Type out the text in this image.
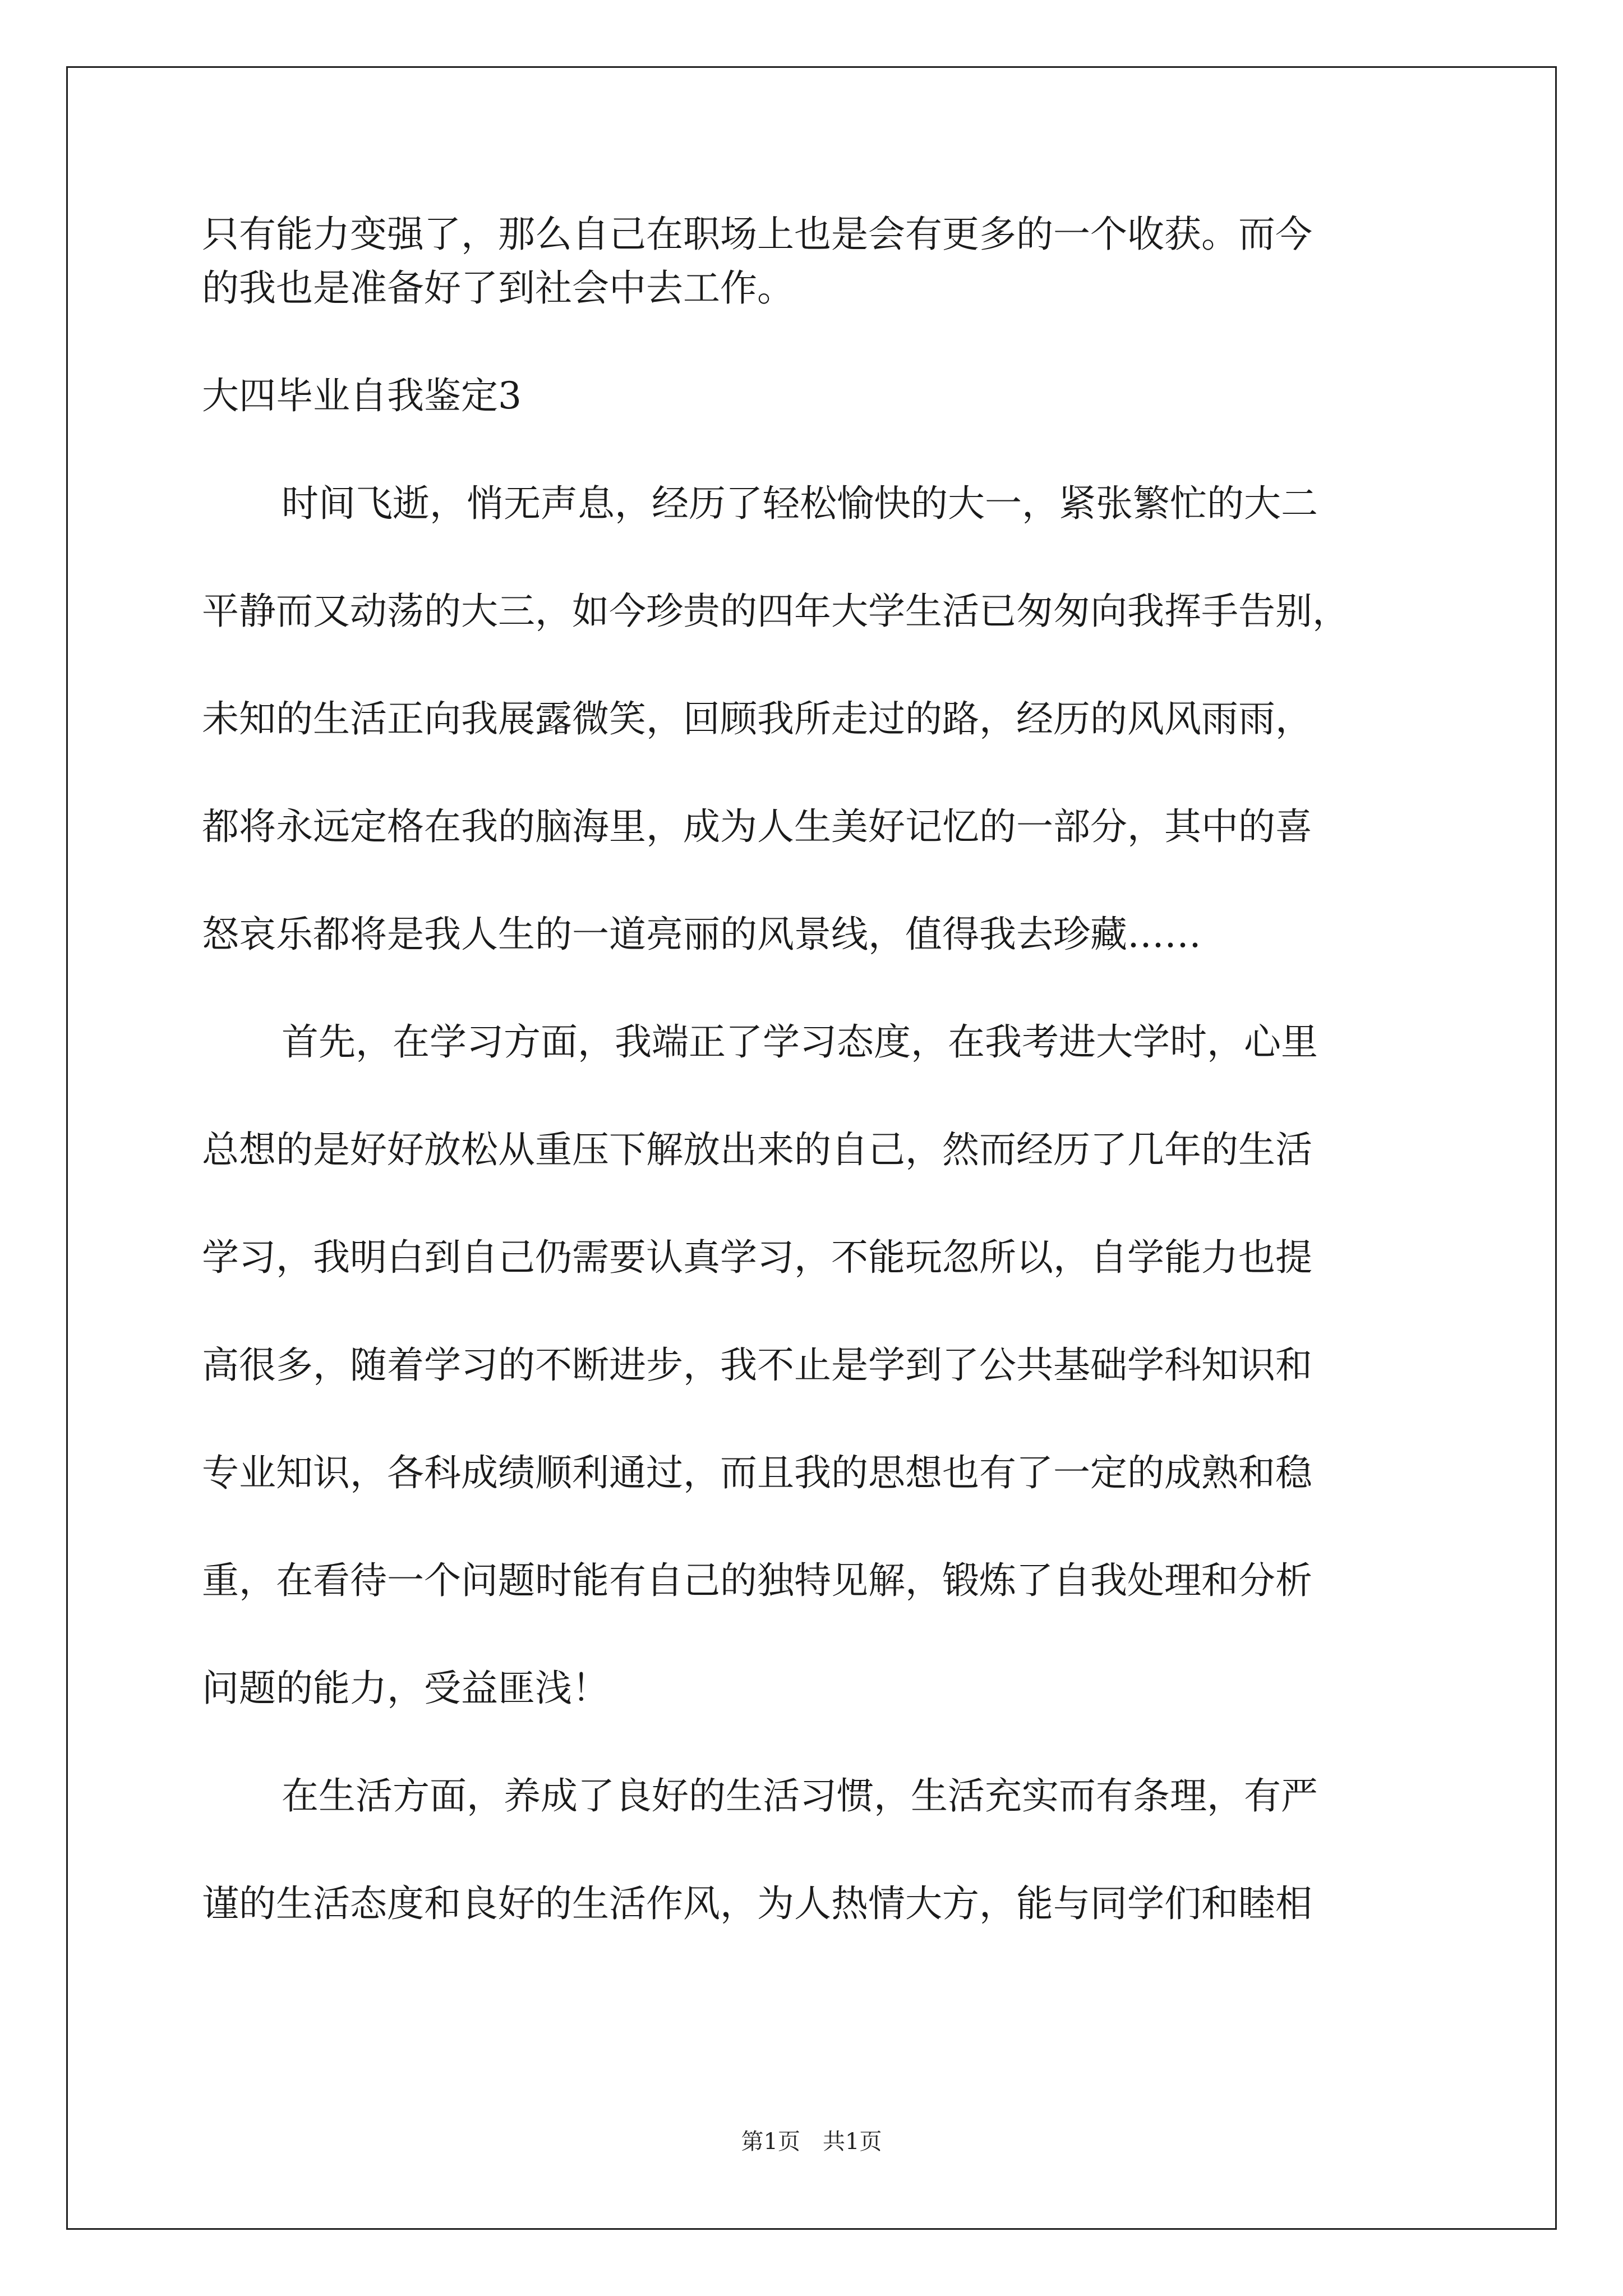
只有能力变强了，那么自己在职场上也是会有更多的一个收获。而今

的我也是准备好了到社会中去工作。

大四毕业自我鉴定3

时间飞逝，悄无声息，经历了轻松愉快的大一，紧张繁忙的大二

平静而又动荡的大三，如今珍贵的四年大学生活已匆匆向我挥手告别，

未知的生活正向我展露微笑，回顾我所走过的路，经历的风风雨雨，

都将永远定格在我的脑海里，成为人生美好记忆的一部分，其中的喜

怒哀乐都将是我人生的一道亮丽的风景线，值得我去珍藏……

首先，在学习方面，我端正了学习态度，在我考进大学时，心里

总想的是好好放松从重压下解放出来的自己，然而经历了几年的生活

学习，我明白到自己仍需要认真学习，不能玩忽所以，自学能力也提

高很多，随着学习的不断进步，我不止是学到了公共基础学科知识和

专业知识，各科成绩顺利通过，而且我的思想也有了一定的成熟和稳

重，在看待一个问题时能有自己的独特见解，锻炼了自我处理和分析

问题的能力，受益匪浅！

在生活方面，养成了良好的生活习惯，生活充实而有条理，有严

谨的生活态度和良好的生活作风，为人热情大方，能与同学们和睦相

第1页　共1页
